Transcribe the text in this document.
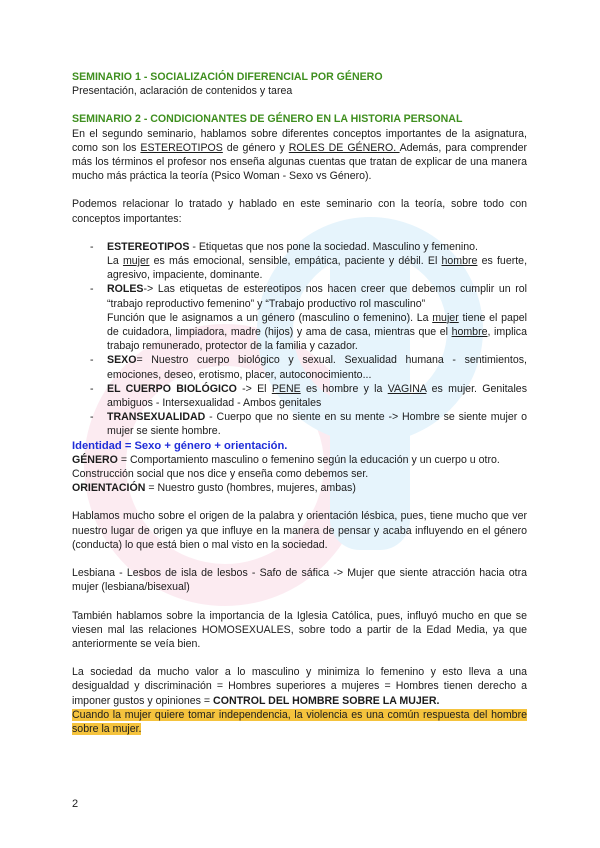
SEMINARIO 1 - SOCIALIZACIÓN DIFERENCIAL POR GÉNERO

Presentación, aclaración de contenidos y tarea

SEMINARIO 2 - CONDICIONANTES DE GÉNERO EN LA HISTORIA PERSONAL

En el segundo seminario, hablamos sobre diferentes conceptos importantes de la asignatura, como son los ESTEREOTIPOS de género y ROLES DE GÉNERO. Además, para comprender más los términos el profesor nos enseña algunas cuentas que tratan de explicar de una manera mucho más práctica la teoría (Psico Woman - Sexo vs Género).

Podemos relacionar lo tratado y hablado en este seminario con la teoría, sobre todo con conceptos importantes:

- ESTEREOTIPOS - Etiquetas que nos pone la sociedad. Masculino y femenino.
La mujer es más emocional, sensible, empática, paciente y débil. El hombre es fuerte, agresivo, impaciente, dominante.
- ROLES-> Las etiquetas de estereotipos nos hacen creer que debemos cumplir un rol “trabajo reproductivo femenino” y “Trabajo productivo rol masculino”
Función que le asignamos a un género (masculino o femenino). La mujer tiene el papel de cuidadora, limpiadora, madre (hijos) y ama de casa, mientras que el hombre, implica trabajo remunerado, protector de la familia y cazador.
- SEXO= Nuestro cuerpo biológico y sexual. Sexualidad humana - sentimientos, emociones, deseo, erotismo, placer, autoconocimiento...
- EL CUERPO BIOLÓGICO -> El PENE es hombre y la VAGINA es mujer. Genitales ambiguos - Intersexualidad - Ambos genitales
- TRANSEXUALIDAD - Cuerpo que no siente en su mente -> Hombre se siente mujer o mujer se siente hombre.

Identidad = Sexo + género + orientación.

GÉNERO = Comportamiento masculino o femenino según la educación y un cuerpo u otro. Construcción social que nos dice y enseña como debemos ser.

ORIENTACIÓN = Nuestro gusto (hombres, mujeres, ambas)

Hablamos mucho sobre el origen de la palabra y orientación lésbica, pues, tiene mucho que ver nuestro lugar de origen ya que influye en la manera de pensar y acaba influyendo en el género (conducta) lo que está bien o mal visto en la sociedad.

Lesbiana - Lesbos de isla de lesbos - Safo de sáfica -> Mujer que siente atracción hacia otra mujer (lesbiana/bisexual)

También hablamos sobre la importancia de la Iglesia Católica, pues, influyó mucho en que se viesen mal las relaciones HOMOSEXUALES, sobre todo a partir de la Edad Media, ya que anteriormente se veía bien.

La sociedad da mucho valor a lo masculino y minimiza lo femenino y esto lleva a una desigualdad y discriminación = Hombres superiores a mujeres = Hombres tienen derecho a imponer gustos y opiniones = CONTROL DEL HOMBRE SOBRE LA MUJER.

Cuando la mujer quiere tomar independencia, la violencia es una común respuesta del hombre sobre la mujer.

2
